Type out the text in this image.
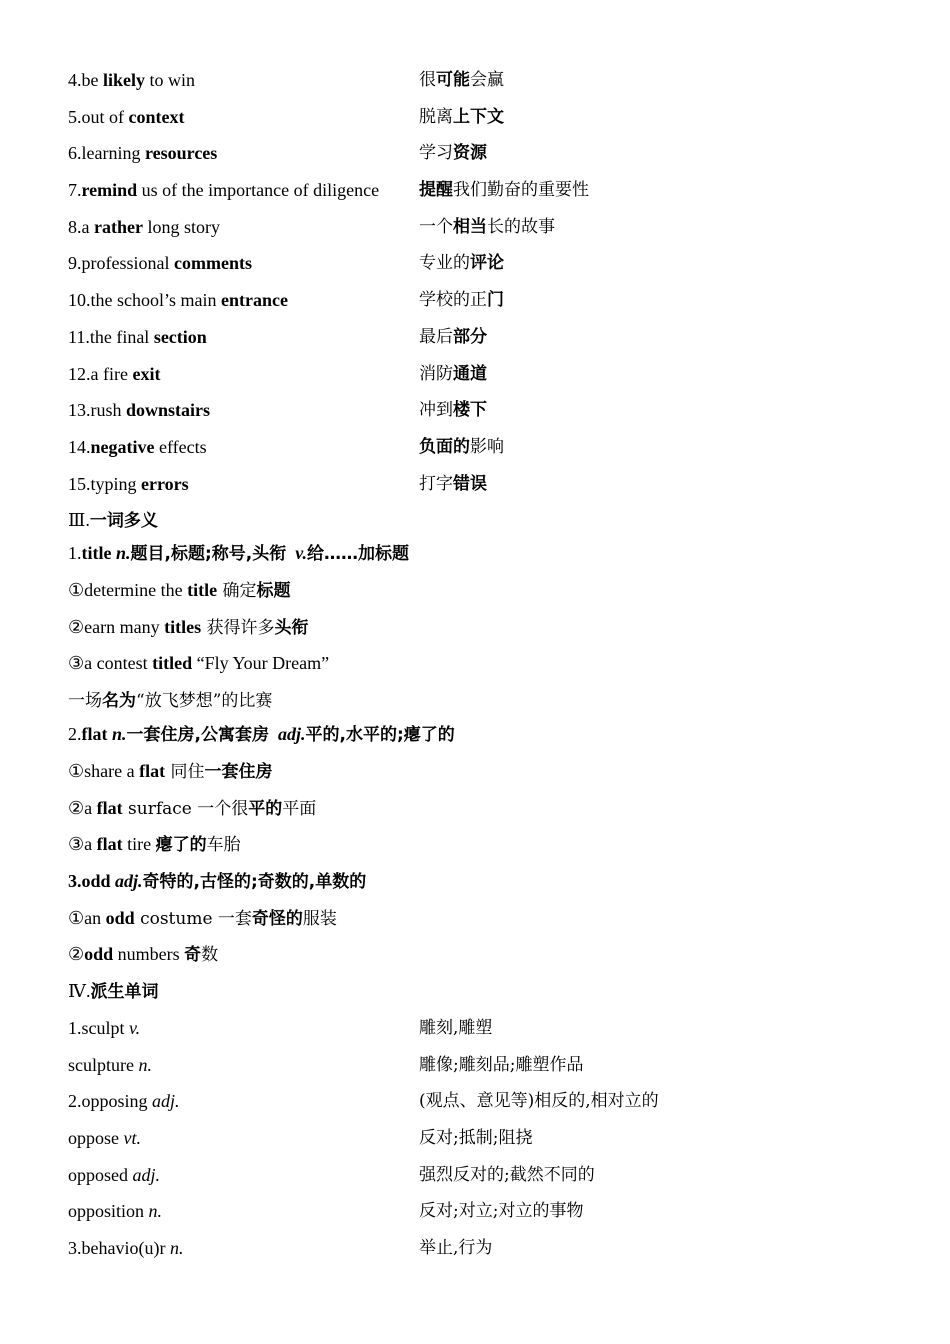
4.be likely to win	很可能会赢
5.out of context	脱离上下文
6.learning resources	学习资源
7.remind us of the importance of diligence 提醒我们勤奋的重要性
8.a rather long story	一个相当长的故事
9.professional comments	专业的评论
10.the school’s main entrance	学校的正门
11.the final section	最后部分
12.a fire exit	消防通道
13.rush downstairs	冲到楼下
14.negative effects	负面的影响
15.typing errors	打字错误
Ⅲ.一词多义
1.title n.题目,标题;称号,头衔 v.给……加标题
①determine the title 确定标题
②earn many titles 获得许多头衔
③a contest titled “Fly Your Dream”
一场名为“放飞梦想”的比赛
2.flat n.一套住房,公寓套房 adj.平的,水平的;瘪了的
①share a flat 同住一套住房
②a flat surface 一个很平的平面
③a flat tire 瘪了的车胎
3.odd adj.奇特的,古怪的;奇数的,单数的
①an odd costume 一套奇怪的服装
②odd numbers 奇数
Ⅳ.派生单词
1.sculpt v.	雕刻,雕塑
sculpture n.	雕像;雕刻品;雕塑作品
2.opposing adj.	(观点、意见等)相反的,相对立的
oppose vt.	反对;抵制;阻挠
opposed adj.	强烈反对的;截然不同的
opposition n.	反对;对立;对立的事物
3.behavio(u)r n.	举止,行为
